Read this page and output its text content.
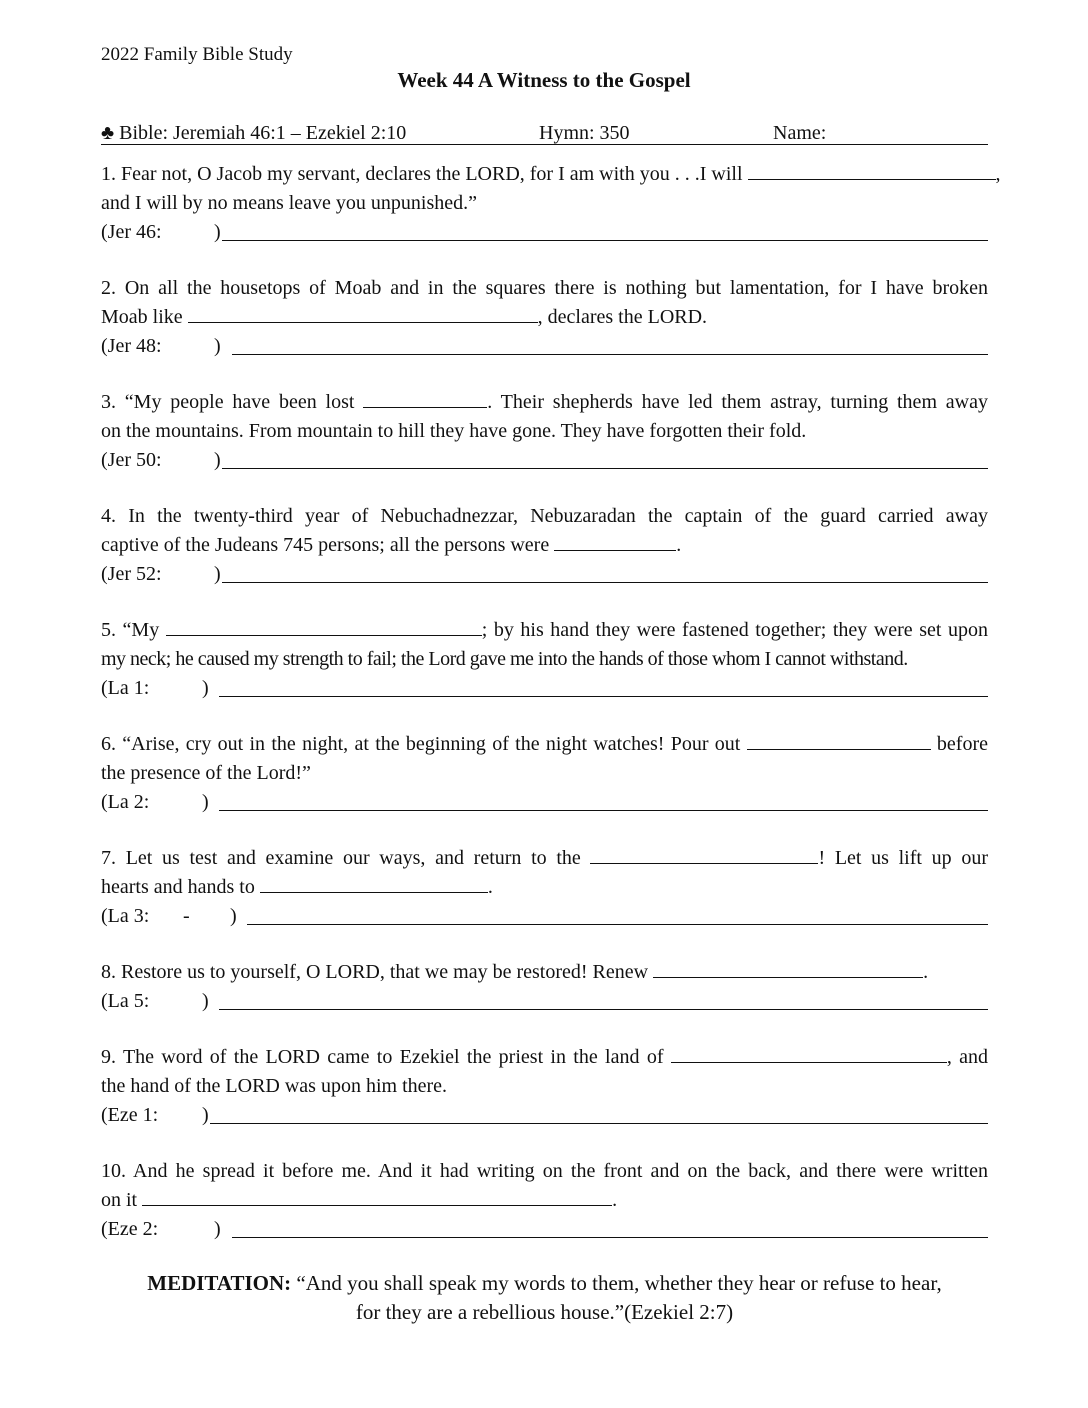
2022 Family Bible Study
Week 44 A Witness to the Gospel
♣ Bible: Jeremiah 46:1 – Ezekiel 2:10	Hymn: 350	Name:

1. Fear not, O Jacob my servant, declares the LORD, for I am with you . . .I will	,

and I will by no means leave you unpunished.”

(Jer 46:	)

2. On all the housetops of Moab and in the squares there is nothing but lamentation, for I have broken

Moab like	, declares the LORD.

(Jer 48:	)

3. “My people have been lost	. Their shepherds have led them astray, turning them away

on the mountains. From mountain to hill they have gone. They have forgotten their fold.

(Jer 50:	)

4. In the twenty-third year of Nebuchadnezzar, Nebuzaradan the captain of the guard carried away

captive of the Judeans 745 persons; all the persons were	.

(Jer 52:	)

5. “My	; by his hand they were fastened together; they were set upon

my neck; he caused my strength to fail; the Lord gave me into the hands of those whom I cannot withstand.

(La 1:	)

6. “Arise, cry out in the night, at the beginning of the night watches! Pour out	before

the presence of the Lord!”

(La 2:	)

7. Let us test and examine our ways, and return to the	! Let us lift up our

hearts and hands to	.

(La 3: - )

8. Restore us to yourself, O LORD, that we may be restored! Renew	.

(La 5:	)

9. The word of the LORD came to Ezekiel the priest in the land of	, and

the hand of the LORD was upon him there.

(Eze 1: )

10. And he spread it before me. And it had writing on the front and on the back, and there were written

on it	.

(Eze 2:	)

MEDITATION: “And you shall speak my words to them, whether they hear or refuse to hear,

for they are a rebellious house.”(Ezekiel 2:7)
